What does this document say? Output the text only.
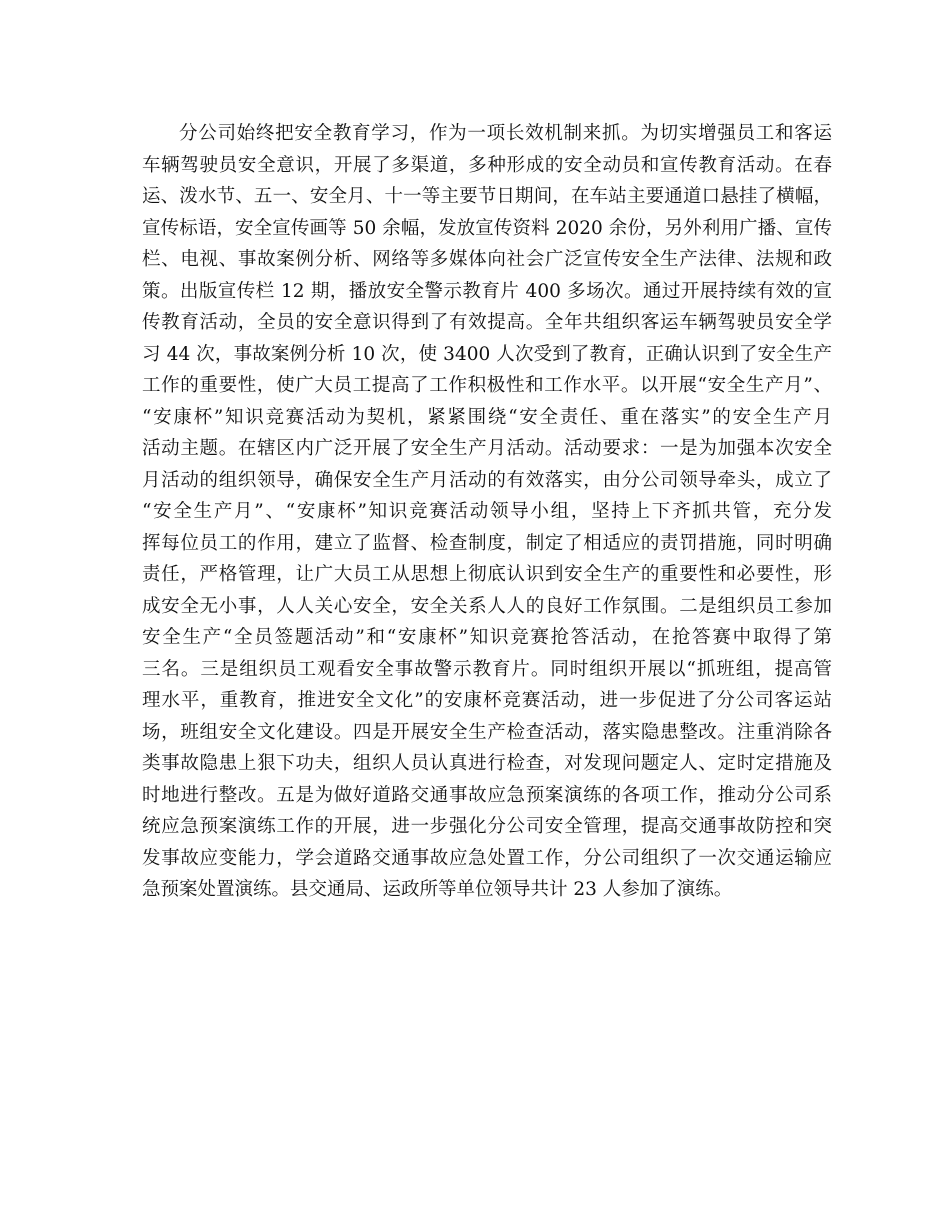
分公司始终把安全教育学习，作为一项长效机制来抓。为切实增强员工和客运
车辆驾驶员安全意识，开展了多渠道，多种形成的安全动员和宣传教育活动。在春
运、泼水节、五一、安全月、十一等主要节日期间，在车站主要通道口悬挂了横幅，
宣传标语，安全宣传画等 50 余幅，发放宣传资料 2020 余份，另外利用广播、宣传
栏、电视、事故案例分析、网络等多媒体向社会广泛宣传安全生产法律、法规和政
策。出版宣传栏 12 期，播放安全警示教育片 400 多场次。通过开展持续有效的宣
传教育活动，全员的安全意识得到了有效提高。全年共组织客运车辆驾驶员安全学
习 44 次，事故案例分析 10 次，使 3400 人次受到了教育，正确认识到了安全生产
工作的重要性，使广大员工提高了工作积极性和工作水平。以开展“安全生产月”、
“安康杯”知识竞赛活动为契机，紧紧围绕“安全责任、重在落实”的安全生产月
活动主题。在辖区内广泛开展了安全生产月活动。活动要求：一是为加强本次安全
月活动的组织领导，确保安全生产月活动的有效落实，由分公司领导牵头，成立了
“安全生产月”、“安康杯”知识竞赛活动领导小组，坚持上下齐抓共管，充分发
挥每位员工的作用，建立了监督、检查制度，制定了相适应的责罚措施，同时明确
责任，严格管理，让广大员工从思想上彻底认识到安全生产的重要性和必要性，形
成安全无小事，人人关心安全，安全关系人人的良好工作氛围。二是组织员工参加
安全生产“全员签题活动”和“安康杯”知识竞赛抢答活动，在抢答赛中取得了第
三名。三是组织员工观看安全事故警示教育片。同时组织开展以“抓班组，提高管
理水平，重教育，推进安全文化”的安康杯竞赛活动，进一步促进了分公司客运站
场，班组安全文化建设。四是开展安全生产检查活动，落实隐患整改。注重消除各
类事故隐患上狠下功夫，组织人员认真进行检查，对发现问题定人、定时定措施及
时地进行整改。五是为做好道路交通事故应急预案演练的各项工作，推动分公司系
统应急预案演练工作的开展，进一步强化分公司安全管理，提高交通事故防控和突
发事故应变能力，学会道路交通事故应急处置工作，分公司组织了一次交通运输应
急预案处置演练。县交通局、运政所等单位领导共计 23 人参加了演练。
